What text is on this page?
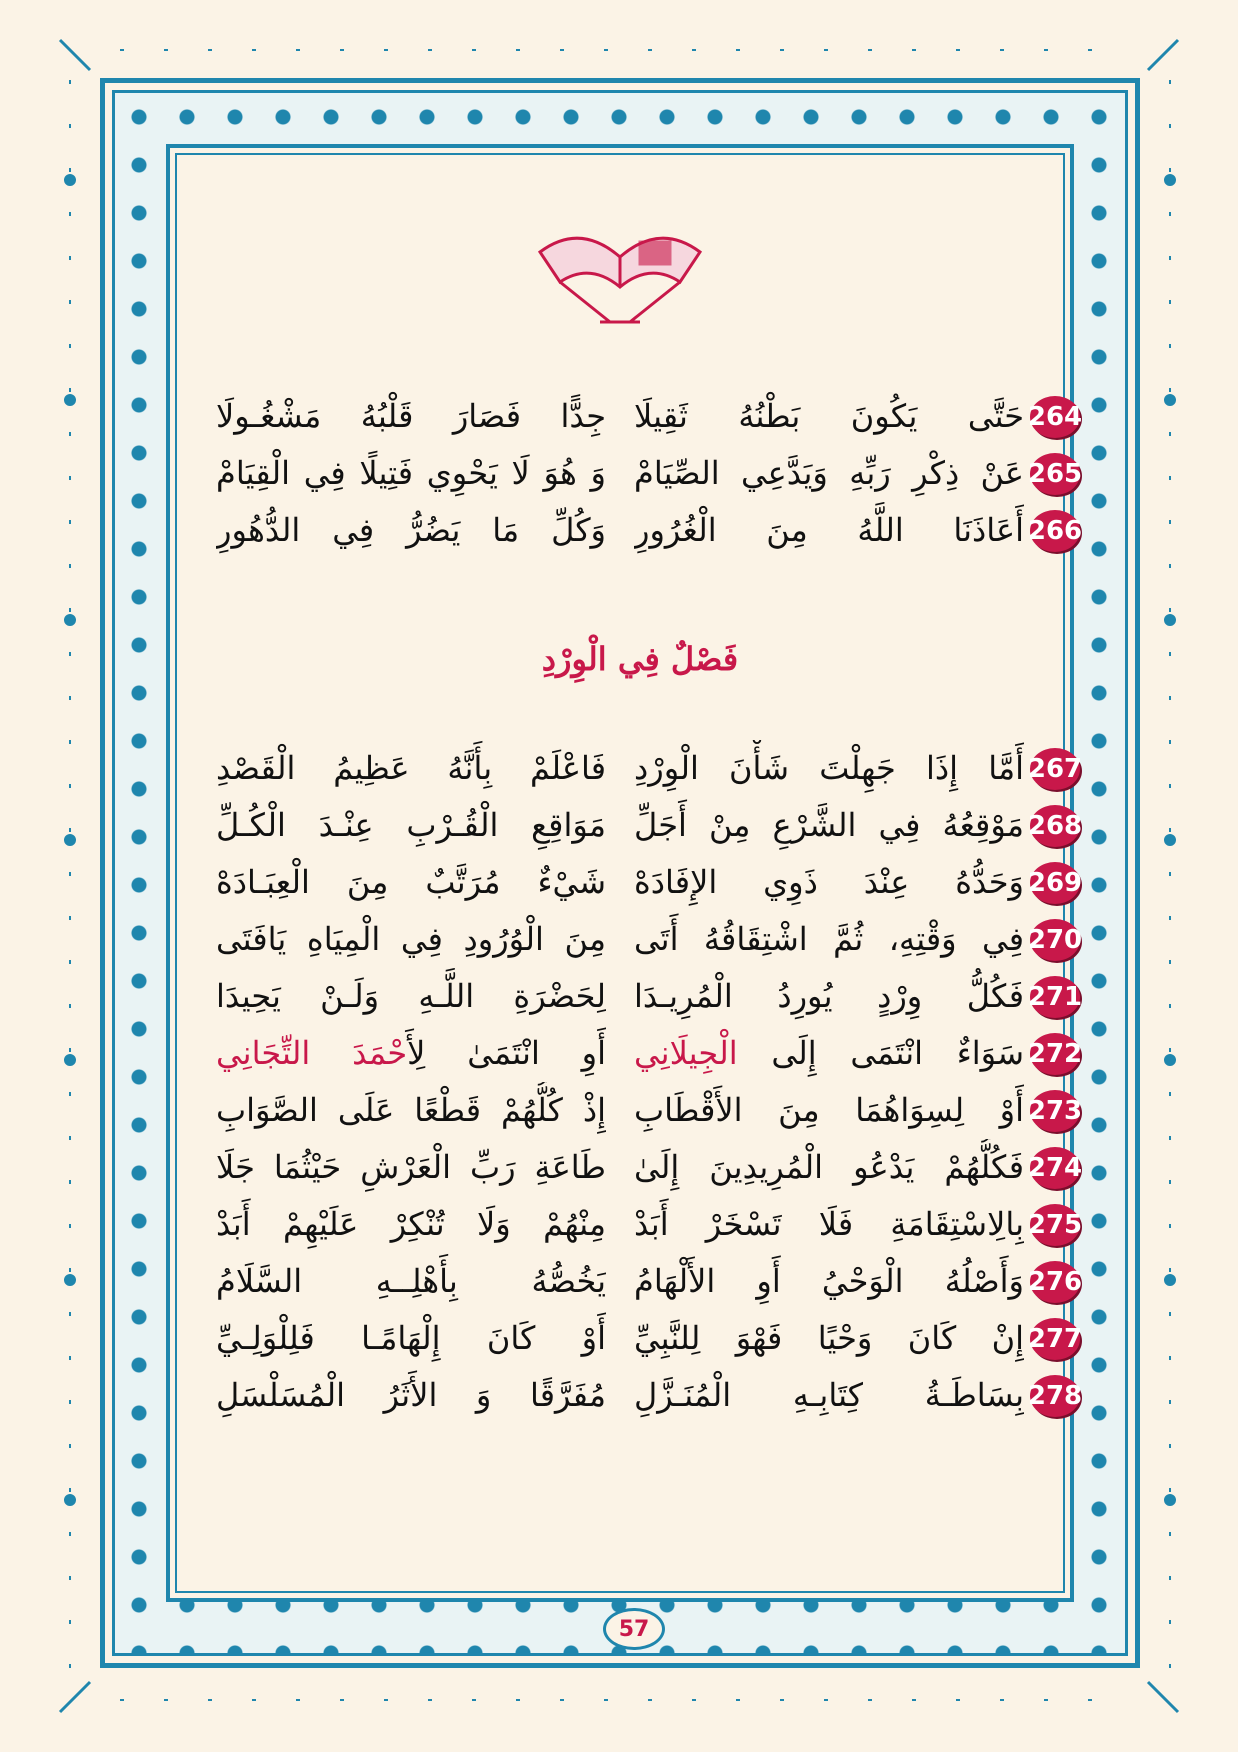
264
حَتَّى يَكُونَ بَطْنُهُ ثَقِيلَا
جِدًّا فَصَارَ قَلْبُهُ مَشْغُـولَا
265
عَنْ ذِكْرِ رَبِّهِ وَيَدَّعِي الصِّيَامْ
وَ هُوَ لَا يَحْوِي فَتِيلًا فِي الْقِيَامْ
266
أَعَاذَنَا اللَّهُ مِنَ الْغُرُورِ
وَكُلِّ مَا يَضُرُّ فِي الدُّهُورِ
فَصْلٌ فِي الْوِرْدِ
267
أَمَّا إِذَا جَهِلْتَ شَأْنَ الْوِرْدِ
فَاعْلَمْ بِأَنَّهُ عَظِيمُ الْقَصْدِ
268
مَوْقِعُهُ فِي الشَّرْعِ مِنْ أَجَلِّ
مَوَاقِعِ الْقُـرْبِ عِنْـدَ الْكُـلِّ
269
وَحَدُّهُ عِنْدَ ذَوِي الإِفَادَهْ
شَيْءٌ مُرَتَّبٌ مِنَ الْعِبَـادَهْ
270
فِي وَقْتِهِ، ثُمَّ اشْتِقَاقُهُ أَتَى
مِنَ الْوُرُودِ فِي الْمِيَاهِ يَافَتَى
271
فَكُلُّ وِرْدٍ يُورِدُ الْمُرِيـدَا
لِحَضْرَةِ اللَّـهِ وَلَـنْ يَحِيدَا
272
سَوَاءٌ انْتَمَى إِلَى الْجِيلَانِي
أَوِ انْتَمَىٰ لِأَحْمَدَ التِّجَانِي
273
أَوْ لِسِوَاهُمَا مِنَ الأَقْطَابِ
إِذْ كُلُّهُمْ قَطْعًا عَلَى الصَّوَابِ
274
فَكُلُّهُمْ يَدْعُو الْمُرِيدِينَ إِلَىٰ
طَاعَةِ رَبِّ الْعَرْشِ حَيْثُمَا جَلَا
275
بِالِاسْتِقَامَةِ فَلَا تَسْخَرْ أَبَدْ
مِنْهُمْ وَلَا تُنْكِرْ عَلَيْهِمْ أَبَدْ
276
وَأَصْلُهُ الْوَحْيُ أَوِ الأَلْهَامُ
يَخُصُّهُ بِأَهْلِــهِ السَّلَامُ
277
إِنْ كَانَ وَحْيًا فَهْوَ لِلنَّبِيِّ
أَوْ كَانَ إِلْهَامًـا فَلِلْوَلِـيِّ
278
بِسَاطَـةُ كِتَابِـهِ الْمُنَـزَّلِ
مُفَرَّقًا وَ الأَثَرُ الْمُسَلْسَلِ
57
